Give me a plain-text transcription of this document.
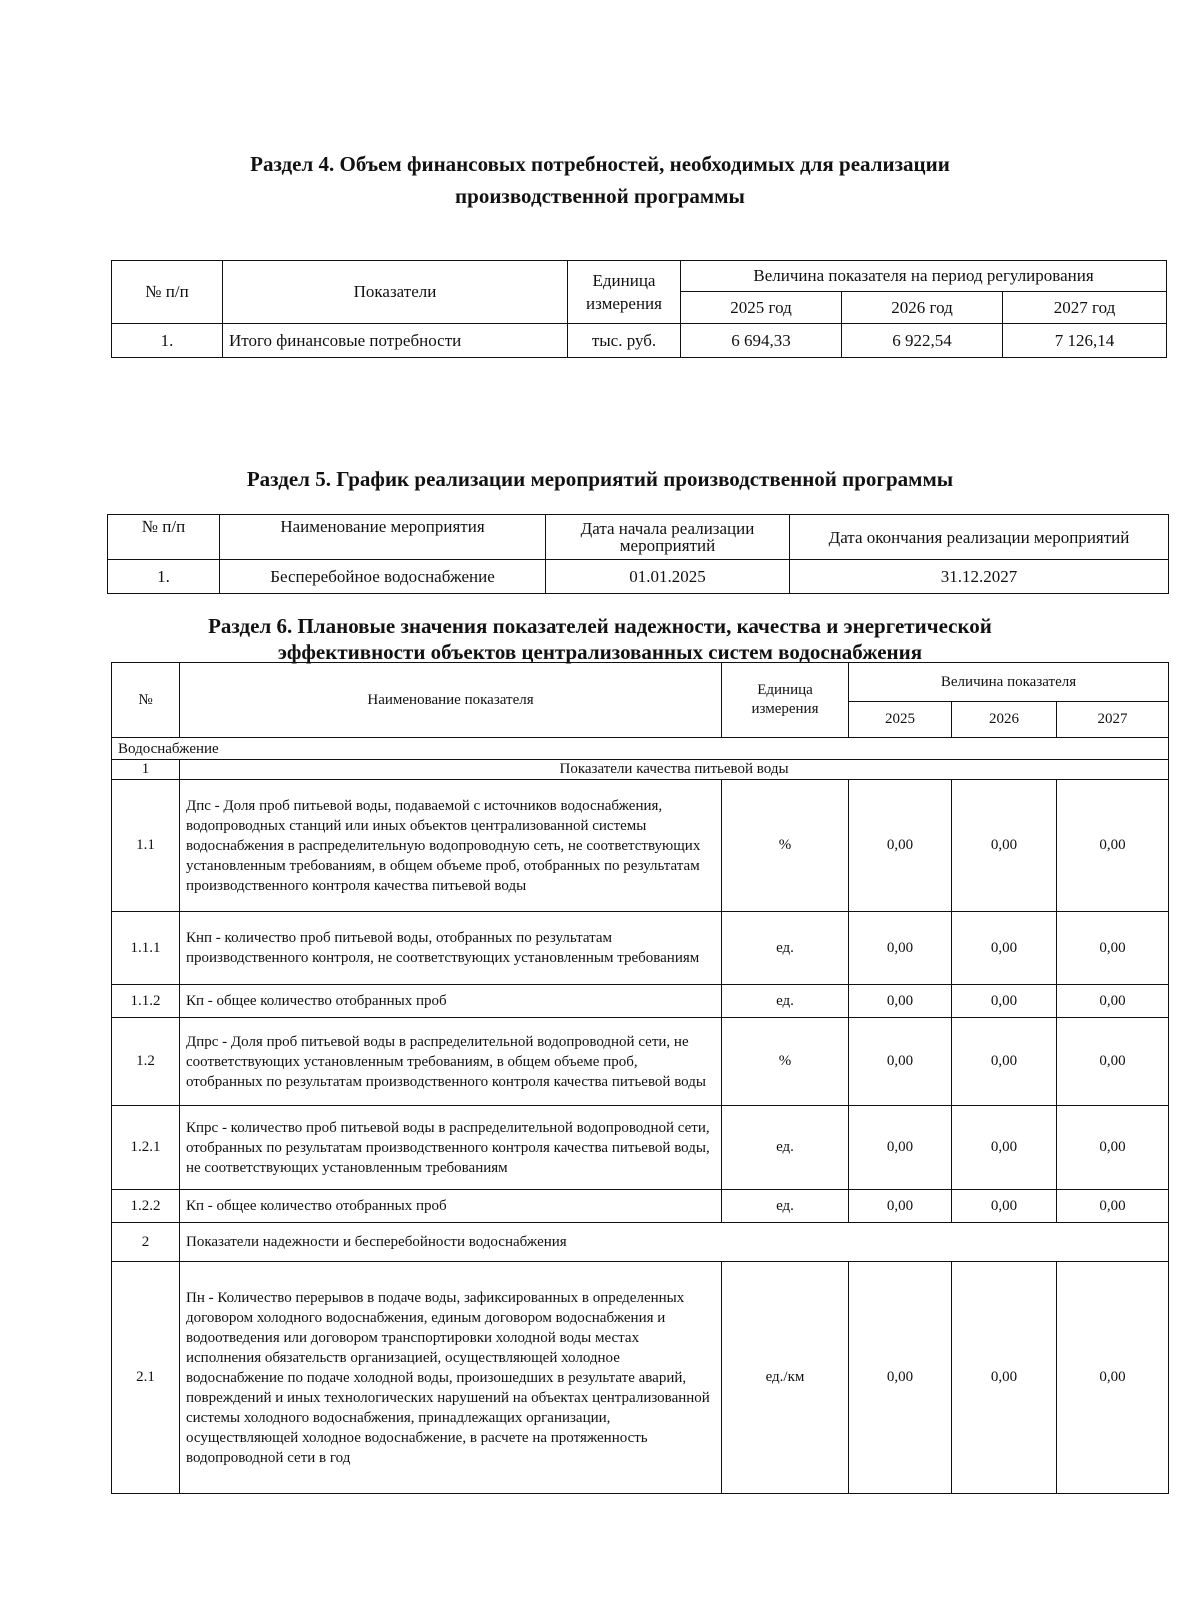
Раздел 4. Объем финансовых потребностей, необходимых для реализации
производственной программы
№ п/п	Показатели	Единица измерения	Величина показателя на период регулирования		
			2025 год	2026 год	2027 год
1.	Итого финансовые потребности	тыс. руб.	6 694,33	6 922,54	7 126,14
Раздел 5. График реализации мероприятий производственной программы
№ п/п	Наименование мероприятия	Дата начала реализации мероприятий	Дата окончания реализации мероприятий
1.	Бесперебойное водоснабжение	01.01.2025	31.12.2027
Раздел 6. Плановые значения показателей надежности, качества и энергетической
эффективности объектов централизованных систем водоснабжения
№	Наименование показателя	Единица измерения	Величина показателя		
			2025	2026	2027
Водоснабжение					
1	Показатели качества питьевой воды				
1.1	Дпс - Доля проб питьевой воды, подаваемой с источников водоснабжения, водопроводных станций или иных объектов централизованной системы водоснабжения в распределительную водопроводную сеть, не соответствующих установленным требованиям, в общем объеме проб, отобранных по результатам производственного контроля качества питьевой воды	%	0,00	0,00	0,00
1.1.1	Кнп - количество проб питьевой воды, отобранных по результатам производственного контроля, не соответствующих установленным требованиям	ед.	0,00	0,00	0,00
1.1.2	Кп - общее количество отобранных проб	ед.	0,00	0,00	0,00
1.2	Дпрс - Доля проб питьевой воды в распределительной водопроводной сети, не соответствующих установленным требованиям, в общем объеме проб, отобранных по результатам производственного контроля качества питьевой воды	%	0,00	0,00	0,00
1.2.1	Кпрс - количество проб питьевой воды в распределительной водопроводной сети, отобранных по результатам производственного контроля качества питьевой воды, не соответствующих установленным требованиям	ед.	0,00	0,00	0,00
1.2.2	Кп - общее количество отобранных проб	ед.	0,00	0,00	0,00
2	Показатели надежности и бесперебойности водоснабжения				
2.1	Пн - Количество перерывов в подаче воды, зафиксированных в определенных договором холодного водоснабжения, единым договором водоснабжения и водоотведения или договором транспортировки холодной воды местах исполнения обязательств организацией, осуществляющей холодное водоснабжение по подаче холодной воды, произошедших в результате аварий, повреждений и иных технологических нарушений на объектах централизованной системы холодного водоснабжения, принадлежащих организации, осуществляющей холодное водоснабжение, в расчете на протяженность водопроводной сети в год	ед./км	0,00	0,00	0,00
